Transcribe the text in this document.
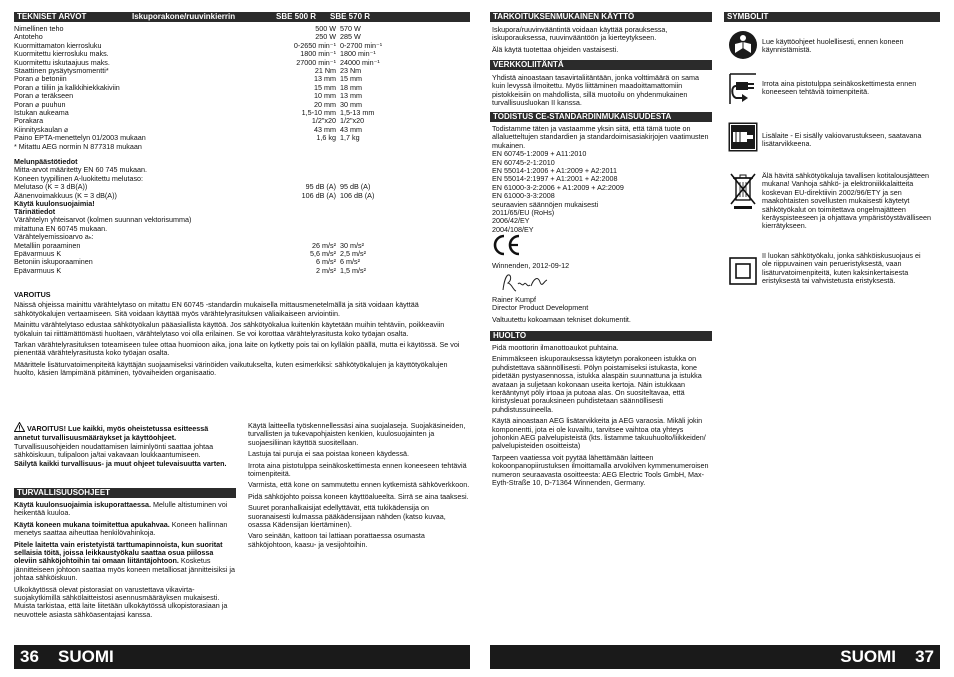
TEKNISET ARVOT	Iskuporakone/ruuvinkierrin	SBE 500 R SBE 570 R
Nimellinen teho	500 W 570 W
Antoteho	250 W 285 W
Kuormittamaton kierrosluku	0-2650 min⁻¹ 0-2700 min⁻¹
Kuormitettu kierrosluku maks.	1800 min⁻¹ 1800 min⁻¹
Kuormitettu iskutaajuus maks.	27000 min⁻¹ 24000 min⁻¹
Staattinen pysäytysmomentti*	21 Nm 23 Nm
Poran ⌀ betoniin	13 mm 15 mm
Poran ⌀ tiiliin ja kalkkihiekkakiviin	15 mm 18 mm
Poran ⌀ teräkseen	10 mm 13 mm
Poran ⌀ puuhun	20 mm 30 mm
Istukan aukeama	1,5-10 mm 1,5-13 mm
Porakara	1/2"x20 1/2"x20
Kiinnityskaulan ⌀	43 mm 43 mm
Paino EPTA-menettelyn 01/2003 mukaan	1,6 kg 1,7 kg
* Mitattu AEG normin N 877318 mukaan
Melunpäästötiedot
Mitta-arvot määritetty EN 60 745 mukaan.
Koneen tyypillinen A-luokitettu melutaso:
Melutaso (K = 3 dB(A))	95 dB (A) 95 dB (A)
Äänenvoimakkuus (K = 3 dB(A))	106 dB (A) 106 dB (A)
Käytä kuulonsuojaimia!
Tärinätiedot
Värähtelyn yhteisarvot (kolmen suunnan vektorisumma)
mitattuna EN 60745 mukaan.
Värähtelyemissioarvo aₕ:
Metalliin poraaminen	26 m/s² 30 m/s²
Epävarmuus K	5,6 m/s² 2,5 m/s²
Betoniin iskuporaaminen	6 m/s² 6 m/s²
Epävarmuus K	2 m/s² 1,5 m/s²
VAROITUS

Näissä ohjeissa mainittu värähtelytaso on mitattu EN 60745 -standardin mukaisella mittausmenetelmällä ja sitä voidaan käyttää sähkötyökalujen vertaamiseen. Sitä voidaan käyttää myös värähtelyrasituksen väliaikaiseen arviointiin.

Mainittu värähtelytaso edustaa sähkötyökalun pääasiallista käyttöä. Jos sähkötyökalua kuitenkin käytetään muihin tehtäviin, poikkeaviin työkaluin tai riittämättömästi huoltaen, värähtelytaso voi olla erilainen. Se voi korottaa värähtelyrasitusta koko työajan osalta.

Tarkan värähtelyrasituksen toteamiseen tulee ottaa huomioon aika, jona laite on kytketty pois tai on kylläkin päällä, mutta ei käytössä. Se voi pienentää värähtelyrasitusta koko työajan osalta.

Määrittele lisäturvatoimenpiteitä käyttäjän suojaamiseksi värinöiden vaikutukselta, kuten esimerkiksi: sähkötyökalujen ja käyttötyökalujen huolto, käsien lämpimänä pitäminen, työvaiheiden organisaatio.

VAROITUS! Lue kaikki, myös oheistetussa esitteessä annetut turvallisuusmääräykset ja käyttöohjeet. Turvallisuusohjeiden noudattamisen laiminlyönti saattaa johtaa sähköiskuun, tulipaloon ja/tai vakavaan loukkaantumiseen.

Säilytä kaikki turvallisuus- ja muut ohjeet tulevaisuutta varten.

TURVALLISUUSOHJEET

Käytä kuulonsuojaimia iskuporattaessa. Melulle altistuminen voi heikentää kuuloa.

Käytä koneen mukana toimitettua apukahvaa. Koneen hallinnan menetys saattaa aiheuttaa henkilövahinkoja.

Pitele laitetta vain eristetyistä tarttumapinnoista, kun suoritat sellaisia töitä, joissa leikkaustyökalu saattaa osua piilossa oleviin sähköjohtoihin tai omaan liitäntäjohtoon. Kosketus jännitteiseen johtoon saattaa myös koneen metalliosat jännitteisiksi ja johtaa sähköiskuun.

Ulkokäytössä olevat pistorasiat on varustettava vikavirta-suojakytkimillä sähkölaitteistosi asennusmääräyksen mukaisesti. Muista tarkistaa, että laite liitetään ulkokäytössä ulkopistorasiaan ja neuvottele asiasta sähköasentajasi kanssa.

Käytä laitteella työskennellessäsi aina suojalaseja. Suojakäsineiden, turvallisten ja tukevapohjaisten kenkien, kuulosuojainten ja suojaesiliinan käyttöä suositellaan.

Lastuja tai puruja ei saa poistaa koneen käydessä.

Irrota aina pistotulppa seinäkoskettimesta ennen koneeseen tehtäviä toimenpiteitä.

Varmista, että kone on sammutettu ennen kytkemistä sähköverkkoon.

Pidä sähköjohto poissa koneen käyttöalueelta. Sirrä se aina taaksesi.

Suuret poranhalkaisijat edellyttävät, että tukikädensija on suoranaisesti kulmassa pääkädensijaan nähden (katso kuvaa, osassa Kädensijan kiertäminen).

Varo seinään, kattoon tai lattiaan porattaessa osumasta sähköjohtoon, kaasu- ja vesijohtoihin.

36 SUOMI
TARKOITUKSENMUKAINEN KÄYTTÖ

Iskupora/ruuvinvääntintä voidaan käyttää porauksessa, iskuporauksessa, ruuvinvääntöön ja kierteytykseen.

Älä käytä tuotettaa ohjeiden vastaisesti.

VERKKOLIITÄNTÄ

Yhdistä ainoastaan tasavirtaliitäntään, jonka volttimäärä on sama kuin levyssä ilmoitettu. Myös liittäminen maadoittamattomiin pistokkeisiin on mahdollista, sillä muotoilu on yhdenmukainen turvallisuusluokan II kanssa.

TODISTUS CE-STANDARDINMUKAISUUDESTA

Todistamme täten ja vastaamme yksin siitä, että tämä tuote on allaluetteltujen standardien ja standardoimisasiakirjojen vaatimusten mukainen.

EN 60745-1:2009 + A11:2010
EN 60745-2-1:2010
EN 55014-1:2006 + A1:2009 + A2:2011
EN 55014-2:1997 + A1:2001 + A2:2008
EN 61000-3-2:2006 + A1:2009 + A2:2009
EN 61000-3-3:2008
seuraavien säännöjen mukaisesti
2011/65/EU (RoHs)
2006/42/EY
2004/108/EY
Winnenden, 2012-09-12
Rainer Kumpf
Director Product Development
Valtuutettu kokoamaan tekniset dokumentit.
HUOLTO

Pidä moottorin ilmanottoaukot puhtaina.

Enimmäkseen iskuporauksessa käytetyn porakoneen istukka on puhdistettava säännöllisesti. Pölyn poistamiseksi istukasta, kone pidetään pystyasennossa, istukka alaspäin suunnattuna ja istukka avataan ja suljetaan kokonaan useita kertoja. Näin istukkaan kerääntynyt pöly irtoaa ja putoaa alas. On suositeltavaa, että kiristysleuat porauksineen puhdistetaan säännöllisesti puhdistussuineella.

Käytä ainoastaan AEG lisätarvikkeita ja AEG varaosia. Mikäli jokin komponentti, jota ei ole kuvailtu, tarvitsee vaihtoa ota yhteys johonkin AEG palvelupisteistä (kts. listamme takuuhuolto/liikkeiden/ palvelupisteiden osoitteista)

Tarpeen vaatiessa voit pyytää lähettämään laitteen kokoonpanopiirustuksen ilmoittamalla arvokilven kymmenumeroisen numeron seuraavasta osoitteesta: AEG Electric Tools GmbH, Max-Eyth-Straße 10, D-71364 Winnenden, Germany.

SYMBOLIT
Lue käyttöohjeet huolellisesti, ennen koneen käynnistämistä.
Irrota aina pistotulppa seinäkoskettimesta ennen koneeseen tehtäviä toimenpiteitä.
Lisälaite - Ei sisälly vakiovarustukseen, saatavana lisätarvikkeena.
Älä hävitä sähkötyökaluja tavallisen kotitalousjätteen mukana! Vanhoja sähkö- ja elektroniikkalaitteita koskevan EU-direktiivin 2002/96/ETY ja sen maakohtaisten sovellusten mukaisesti käytetyt sähkötyökalut on toimitettava ongelmajätteen keräyspisteeseen ja ohjattava ympäristöystävälliseen kierrätykseen.
II luokan sähkötyökalu, jonka sähköiskusuojaus ei ole riippuvainen vain perueristyksestä, vaan lisäturvatoimenpiteitä, kuten kaksinkertaisesta eristyksestä tai vahvistetusta eristyksestä.
SUOMI 37
